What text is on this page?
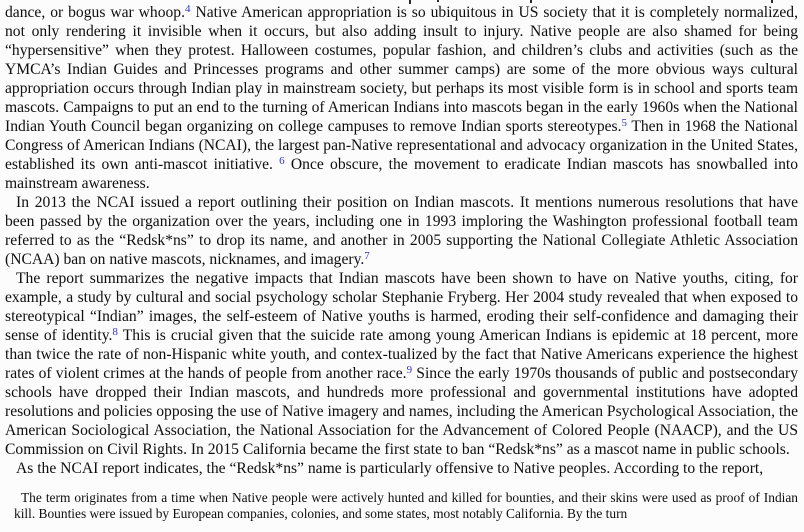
dance, or bogus war whoop.$^4$ Native American appropriation is so ubiquitous in US society that it is completely normalized, not only rendering it invisible when it occurs, but also adding insult to injury. Native people are also shamed for being “hypersensitive” when they protest. Halloween costumes, popular fashion, and children’s clubs and activities (such as the YMCA’s Indian Guides and Princesses programs and other summer camps) are some of the more obvious ways cultural appropriation occurs through Indian play in mainstream society, but perhaps its most visible form is in school and sports team mascots. Campaigns to put an end to the turning of American Indians into mascots began in the early 1960s when the National Indian Youth Council began organizing on college campuses to remove Indian sports stereotypes.$^5$ Then in 1968 the National Congress of American Indians (NCAI), the largest pan-Native representational and advocacy organization in the United States, established its own anti-mascot initiative. $^6$ Once obscure, the movement to eradicate Indian mascots has snowballed into mainstream awareness.

In 2013 the NCAI issued a report outlining their position on Indian mascots. It mentions numerous resolutions that have been passed by the organization over the years, including one in 1993 imploring the Washington professional football team referred to as the “Redsk*ns” to drop its name, and another in 2005 supporting the National Collegiate Athletic Association (NCAA) ban on native mascots, nicknames, and imagery.$^7$

The report summarizes the negative impacts that Indian mascots have been shown to have on Native youths, citing, for example, a study by cultural and social psychology scholar Stephanie Fryberg. Her 2004 study revealed that when exposed to stereotypical “Indian” images, the self-esteem of Native youths is harmed, eroding their self-confidence and damaging their sense of identity.$^8$ This is crucial given that the suicide rate among young American Indians is epidemic at 18 percent, more than twice the rate of non-Hispanic white youth, and contex-tualized by the fact that Native Americans experience the highest rates of violent crimes at the hands of people from another race.$^9$ Since the early 1970s thousands of public and postsecondary schools have dropped their Indian mascots, and hundreds more professional and governmental institutions have adopted resolutions and policies opposing the use of Native imagery and names, including the American Psychological Association, the American Sociological Association, the National Association for the Advancement of Colored People (NAACP), and the US Commission on Civil Rights. In 2015 California became the first state to ban “Redsk*ns” as a mascot name in public schools.

As the NCAI report indicates, the “Redsk*ns” name is particularly offensive to Native peoples. According to the report,

The term originates from a time when Native people were actively hunted and killed for bounties, and their skins were used as proof of Indian kill. Bounties were issued by European companies, colonies, and some states, most notably California. By the turn
